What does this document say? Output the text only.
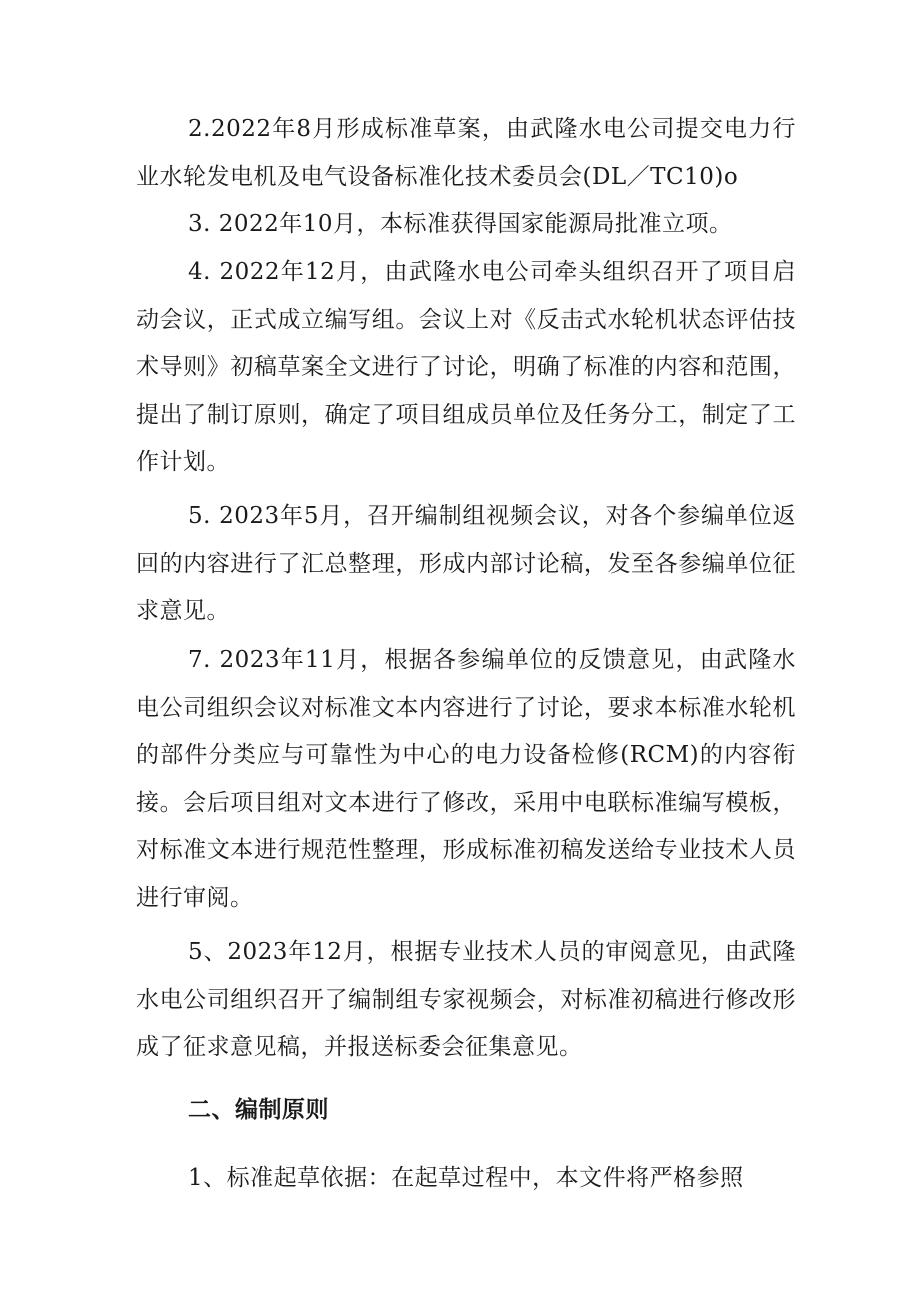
2.2022年8月形成标准草案，由武隆水电公司提交电力行业水轮发电机及电气设备标准化技术委员会(DL／TC10)o

3. 2022年10月，本标准获得国家能源局批准立项。

4. 2022年12月，由武隆水电公司牵头组织召开了项目启动会议，正式成立编写组。会议上对《反击式水轮机状态评估技术导则》初稿草案全文进行了讨论，明确了标准的内容和范围，提出了制订原则，确定了项目组成员单位及任务分工，制定了工作计划。

5. 2023年5月，召开编制组视频会议，对各个参编单位返回的内容进行了汇总整理，形成内部讨论稿，发至各参编单位征求意见。

7. 2023年11月，根据各参编单位的反馈意见，由武隆水电公司组织会议对标准文本内容进行了讨论，要求本标准水轮机的部件分类应与可靠性为中心的电力设备检修(RCM)的内容衔接。会后项目组对文本进行了修改，采用中电联标准编写模板，对标准文本进行规范性整理，形成标准初稿发送给专业技术人员进行审阅。

5、2023年12月，根据专业技术人员的审阅意见，由武隆水电公司组织召开了编制组专家视频会，对标准初稿进行修改形成了征求意见稿，并报送标委会征集意见。

二、编制原则

1、标准起草依据：在起草过程中，本文件将严格参照
